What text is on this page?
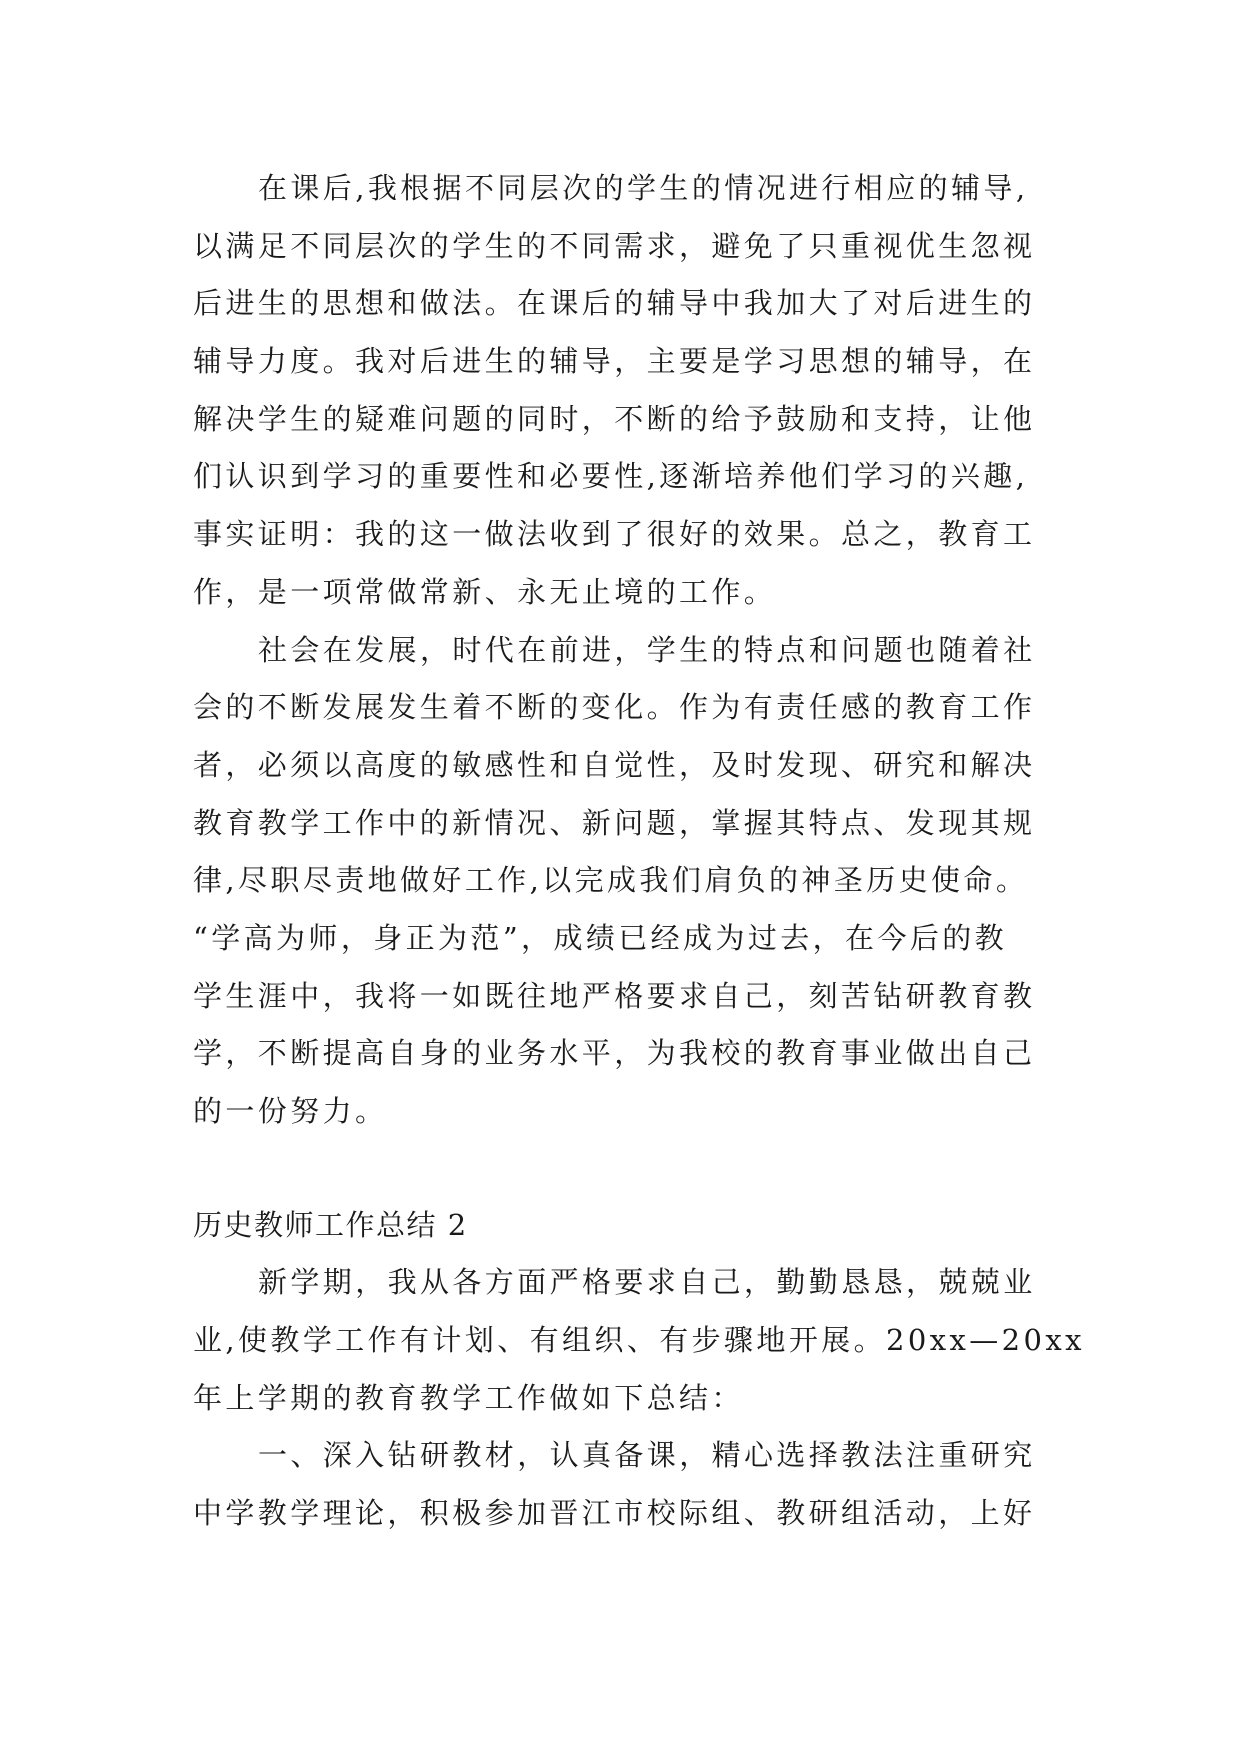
在课后,我根据不同层次的学生的情况进行相应的辅导,
以满足不同层次的学生的不同需求，避免了只重视优生忽视
后进生的思想和做法。在课后的辅导中我加大了对后进生的
辅导力度。我对后进生的辅导，主要是学习思想的辅导，在
解决学生的疑难问题的同时，不断的给予鼓励和支持，让他
们认识到学习的重要性和必要性,逐渐培养他们学习的兴趣,
事实证明：我的这一做法收到了很好的效果。总之，教育工
作，是一项常做常新、永无止境的工作。
社会在发展，时代在前进，学生的特点和问题也随着社
会的不断发展发生着不断的变化。作为有责任感的教育工作
者，必须以高度的敏感性和自觉性，及时发现、研究和解决
教育教学工作中的新情况、新问题，掌握其特点、发现其规
律,尽职尽责地做好工作,以完成我们肩负的神圣历史使命。
“学高为师，身正为范”，成绩已经成为过去，在今后的教
学生涯中，我将一如既往地严格要求自己，刻苦钻研教育教
学，不断提高自身的业务水平，为我校的教育事业做出自己
的一份努力。
历史教师工作总结 2
新学期，我从各方面严格要求自己，勤勤恳恳，兢兢业
业,使教学工作有计划、有组织、有步骤地开展。20xx—20xx
年上学期的教育教学工作做如下总结：
一、深入钻研教材，认真备课，精心选择教法注重研究
中学教学理论，积极参加晋江市校际组、教研组活动，上好
